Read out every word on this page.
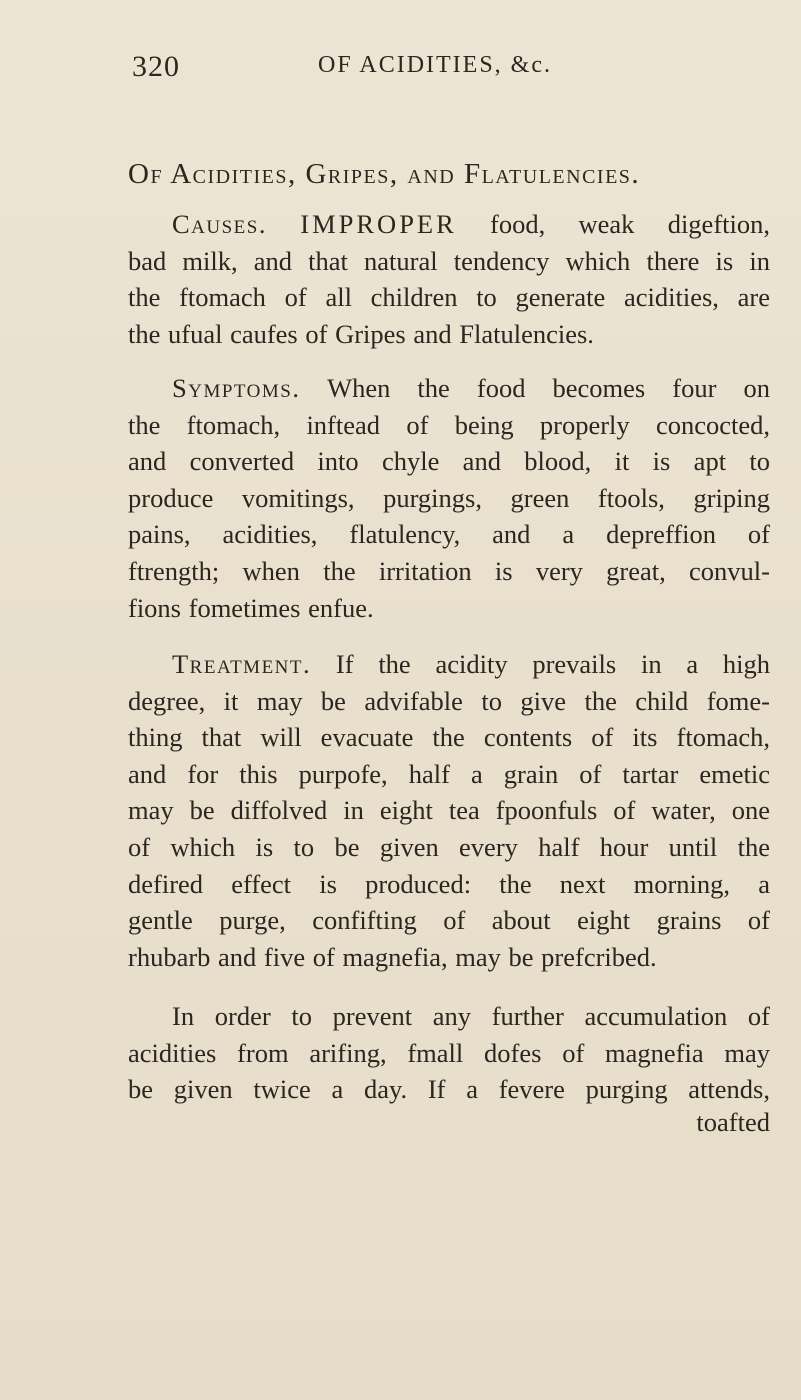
320	OF ACIDITIES, &c.
Of Acidities, Gripes, and Flatulencies.
Causes. IMPROPER food, weak digeftion,
bad milk, and that natural tendency which there is in
the ftomach of all children to generate acidities, are
the ufual caufes of Gripes and Flatulencies.
Symptoms. When the food becomes four on
the ftomach, inftead of being properly concocted,
and converted into chyle and blood, it is apt to
produce vomitings, purgings, green ftools, griping
pains, acidities, flatulency, and a depreffion of
ftrength; when the irritation is very great, convul-
fions fometimes enfue.
Treatment. If the acidity prevails in a high
degree, it may be advifable to give the child fome-
thing that will evacuate the contents of its ftomach,
and for this purpofe, half a grain of tartar emetic
may be diffolved in eight tea fpoonfuls of water, one
of which is to be given every half hour until the
defired effect is produced: the next morning, a
gentle purge, confifting of about eight grains of
rhubarb and five of magnefia, may be prefcribed.
In order to prevent any further accumulation of
acidities from arifing, fmall dofes of magnefia may
be given twice a day. If a fevere purging attends,
toafted
